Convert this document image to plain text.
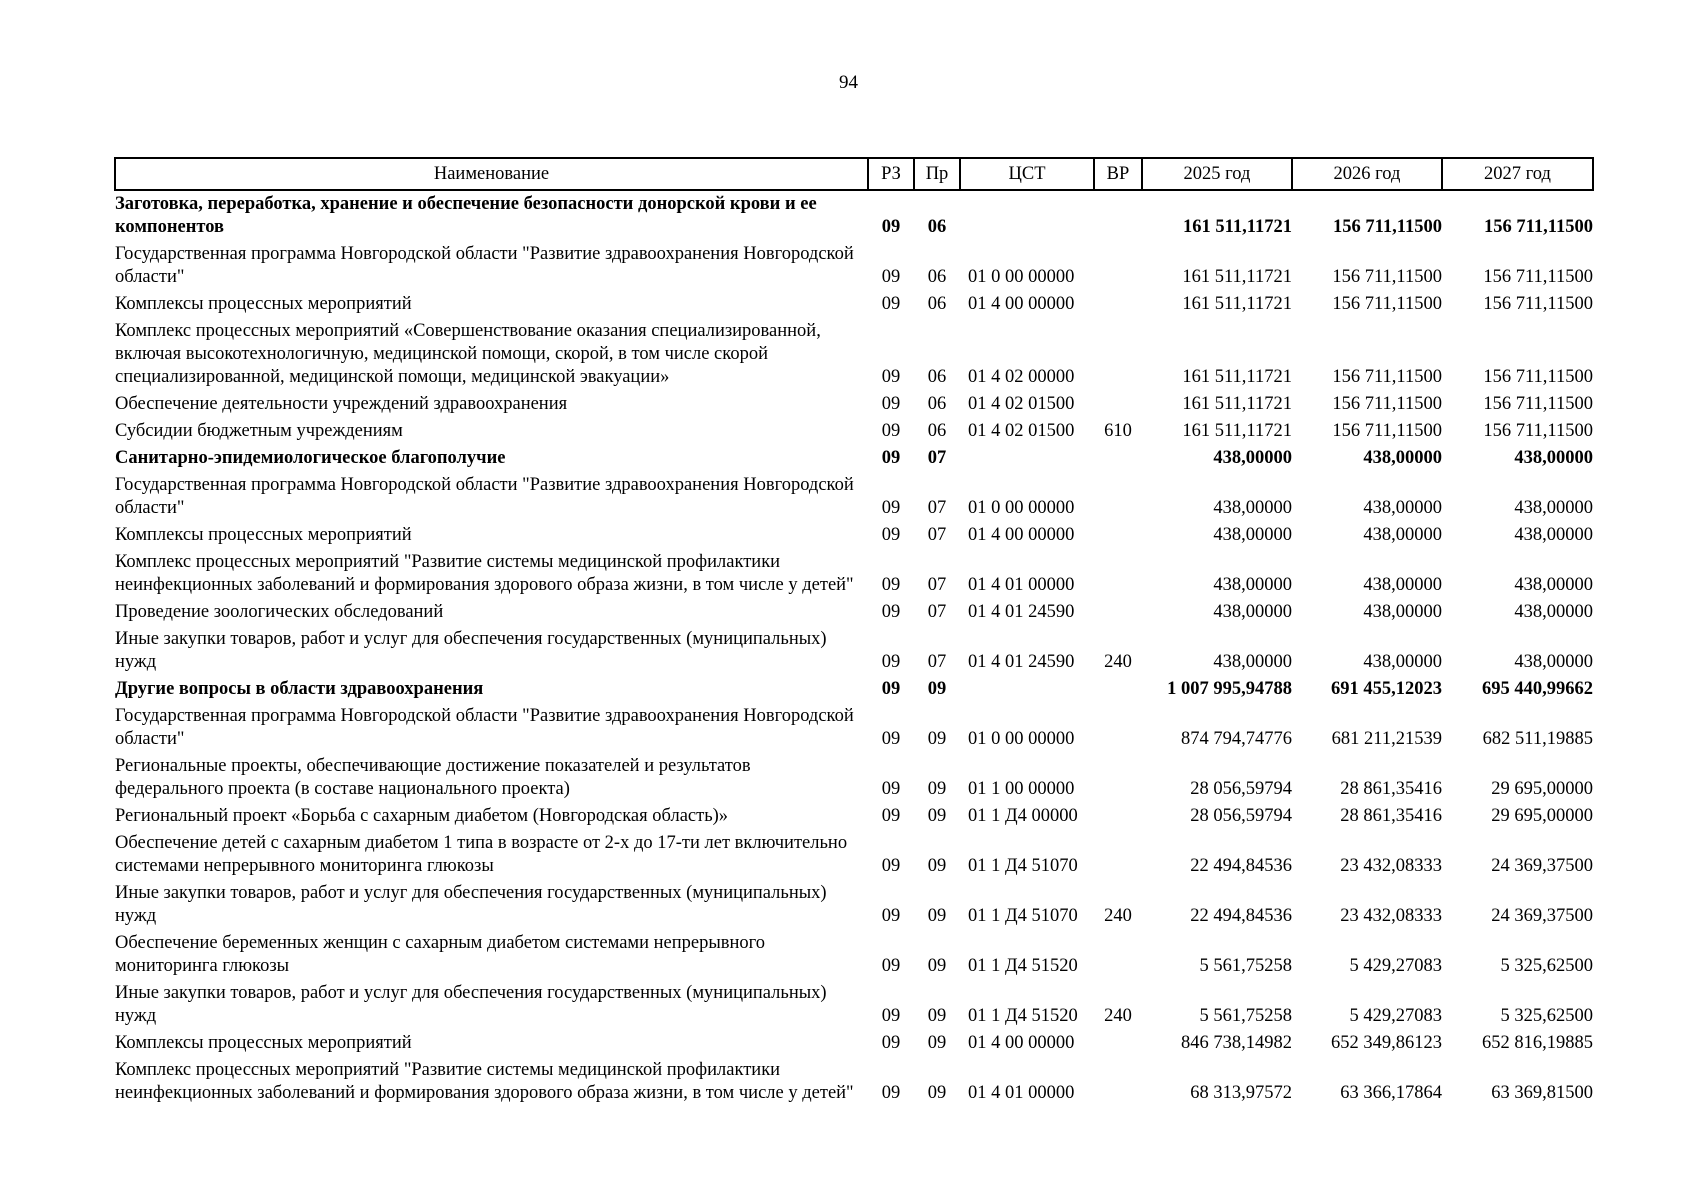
94
Наименование	РЗ	Пр	ЦСТ	ВР	2025 год	2026 год	2027 год
Заготовка, переработка, хранение и обеспечение безопасности донорской крови и ее компонентов	09	06			161 511,11721	156 711,11500	156 711,11500
Государственная программа Новгородской области "Развитие здравоохранения Новгородской области"	09	06	01 0 00 00000		161 511,11721	156 711,11500	156 711,11500
Комплексы процессных мероприятий	09	06	01 4 00 00000		161 511,11721	156 711,11500	156 711,11500
Комплекс процессных мероприятий «Совершенствование оказания специализированной, включая высокотехнологичную, медицинской помощи, скорой, в том числе скорой специализированной, медицинской помощи, медицинской эвакуации»	09	06	01 4 02 00000		161 511,11721	156 711,11500	156 711,11500
Обеспечение деятельности учреждений здравоохранения	09	06	01 4 02 01500		161 511,11721	156 711,11500	156 711,11500
Субсидии бюджетным учреждениям	09	06	01 4 02 01500	610	161 511,11721	156 711,11500	156 711,11500
Санитарно-эпидемиологическое благополучие	09	07			438,00000	438,00000	438,00000
Государственная программа Новгородской области "Развитие здравоохранения Новгородской области"	09	07	01 0 00 00000		438,00000	438,00000	438,00000
Комплексы процессных мероприятий	09	07	01 4 00 00000		438,00000	438,00000	438,00000
Комплекс процессных мероприятий "Развитие системы медицинской профилактики неинфекционных заболеваний и формирования здорового образа жизни, в том числе у детей"	09	07	01 4 01 00000		438,00000	438,00000	438,00000
Проведение зоологических обследований	09	07	01 4 01 24590		438,00000	438,00000	438,00000
Иные закупки товаров, работ и услуг для обеспечения государственных (муниципальных) нужд	09	07	01 4 01 24590	240	438,00000	438,00000	438,00000
Другие вопросы в области здравоохранения	09	09			1 007 995,94788	691 455,12023	695 440,99662
Государственная программа Новгородской области "Развитие здравоохранения Новгородской области"	09	09	01 0 00 00000		874 794,74776	681 211,21539	682 511,19885
Региональные проекты, обеспечивающие достижение показателей и результатов федерального проекта (в составе национального проекта)	09	09	01 1 00 00000		28 056,59794	28 861,35416	29 695,00000
Региональный проект «Борьба с сахарным диабетом (Новгородская область)»	09	09	01 1 Д4 00000		28 056,59794	28 861,35416	29 695,00000
Обеспечение детей с сахарным диабетом 1 типа в возрасте от 2-х до 17-ти лет включительно системами непрерывного мониторинга глюкозы	09	09	01 1 Д4 51070		22 494,84536	23 432,08333	24 369,37500
Иные закупки товаров, работ и услуг для обеспечения государственных (муниципальных) нужд	09	09	01 1 Д4 51070	240	22 494,84536	23 432,08333	24 369,37500
Обеспечение беременных женщин с сахарным диабетом системами непрерывного мониторинга глюкозы	09	09	01 1 Д4 51520		5 561,75258	5 429,27083	5 325,62500
Иные закупки товаров, работ и услуг для обеспечения государственных (муниципальных) нужд	09	09	01 1 Д4 51520	240	5 561,75258	5 429,27083	5 325,62500
Комплексы процессных мероприятий	09	09	01 4 00 00000		846 738,14982	652 349,86123	652 816,19885
Комплекс процессных мероприятий "Развитие системы медицинской профилактики неинфекционных заболеваний и формирования здорового образа жизни, в том числе у детей"	09	09	01 4 01 00000		68 313,97572	63 366,17864	63 369,81500
